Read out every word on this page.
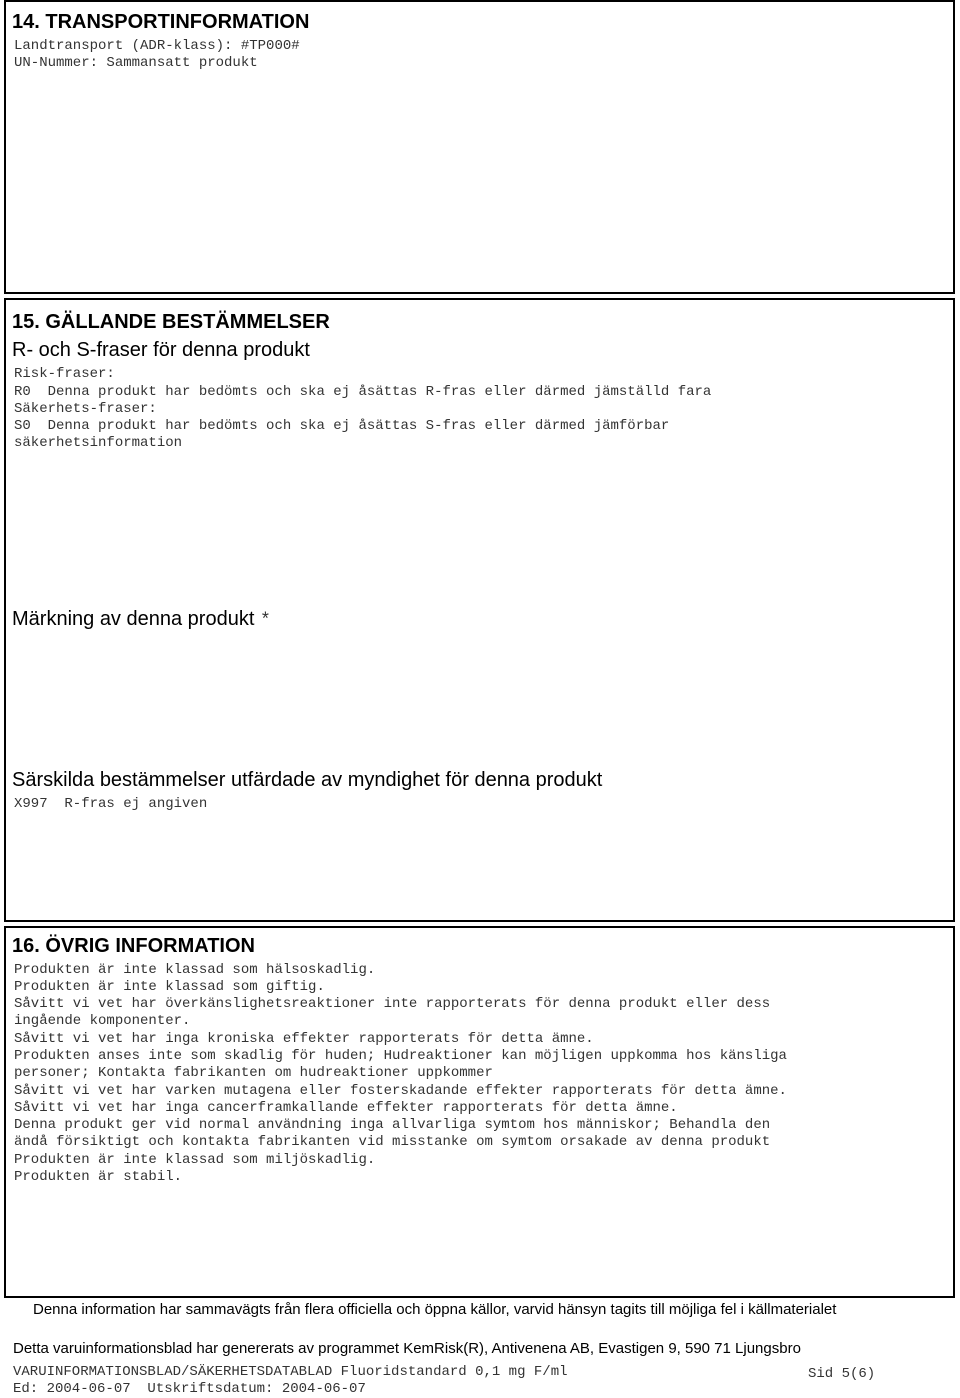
14. TRANSPORTINFORMATION
Landtransport (ADR-klass): #TP000#
UN-Nummer: Sammansatt produkt
15. GÄLLANDE BESTÄMMELSER
R- och S-fraser för denna produkt
Risk-fraser:
R0  Denna produkt har bedömts och ska ej åsättas R-fras eller därmed jämställd fara
Säkerhets-fraser:
S0  Denna produkt har bedömts och ska ej åsättas S-fras eller därmed jämförbar
säkerhetsinformation
Märkning av denna produkt *
Särskilda bestämmelser utfärdade av myndighet för denna produkt
X997  R-fras ej angiven
16. ÖVRIG INFORMATION
Produkten är inte klassad som hälsoskadlig.
Produkten är inte klassad som giftig.
Såvitt vi vet har överkänslighetsreaktioner inte rapporterats för denna produkt eller dess
ingående komponenter.
Såvitt vi vet har inga kroniska effekter rapporterats för detta ämne.
Produkten anses inte som skadlig för huden; Hudreaktioner kan möjligen uppkomma hos känsliga
personer; Kontakta fabrikanten om hudreaktioner uppkommer
Såvitt vi vet har varken mutagena eller fosterskadande effekter rapporterats för detta ämne.
Såvitt vi vet har inga cancerframkallande effekter rapporterats för detta ämne.
Denna produkt ger vid normal användning inga allvarliga symtom hos människor; Behandla den
ändå försiktigt och kontakta fabrikanten vid misstanke om symtom orsakade av denna produkt
Produkten är inte klassad som miljöskadlig.
Produkten är stabil.
Denna information har sammavägts från flera officiella och öppna källor, varvid hänsyn tagits till möjliga fel i källmaterialet
Detta varuinformationsblad har genererats av programmet KemRisk(R), Antivenena AB, Evastigen 9, 590 71 Ljungsbro
VARUINFORMATIONSBLAD/SÄKERHETSDATABLAD Fluoridstandard 0,1 mg F/ml	Sid 5(6)
Ed: 2004-06-07  Utskriftsdatum: 2004-06-07
